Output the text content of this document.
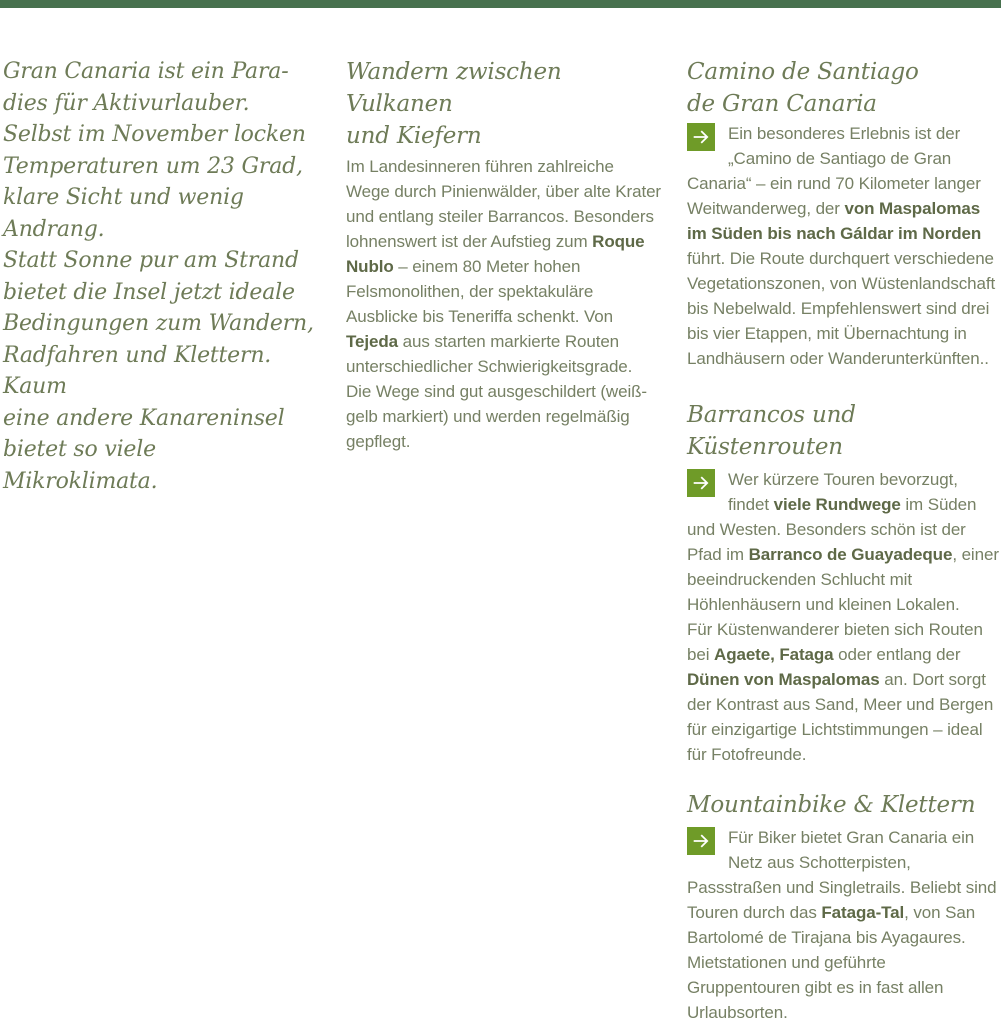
Gran Canaria ist ein Para-
dies für Aktivurlauber.
Selbst im November locken
Temperaturen um 23 Grad,
klare Sicht und wenig Andrang.
Statt Sonne pur am Strand
bietet die Insel jetzt ideale
Bedingungen zum Wandern,
Radfahren und Klettern. Kaum
eine andere Kanareninsel
bietet so viele Mikroklimata.
Wandern zwischen Vulkanen
und Kiefern

Im Landesinneren führen zahlreiche Wege durch Pinienwälder, über alte Krater und entlang steiler Barrancos. Besonders lohnenswert ist der Aufstieg zum Roque Nublo – einem 80 Meter hohen Felsmonolithen, der spektakuläre Ausblicke bis Teneriffa schenkt. Von Tejeda aus starten markierte Routen unterschiedlicher Schwierigkeitsgrade. Die Wege sind gut ausgeschildert (weiß-gelb markiert) und werden regelmäßig gepflegt.

Camino de Santiago
de Gran Canaria

Ein besonderes Erlebnis ist der „Camino de Santiago de Gran Canaria“ – ein rund 70 Kilometer langer Weitwanderweg, der von Maspalomas im Süden bis nach Gáldar im Norden führt. Die Route durchquert verschiedene Vegetationszonen, von Wüstenlandschaft bis Nebelwald. Empfehlenswert sind drei bis vier Etappen, mit Übernachtung in Landhäusern oder Wanderunterkünften..

Barrancos und Küstenrouten

Wer kürzere Touren bevorzugt, findet viele Rundwege im Süden und Westen. Besonders schön ist der Pfad im Barranco de Guayadeque, einer beeindruckenden Schlucht mit Höhlenhäusern und kleinen Lokalen.
Für Küstenwanderer bieten sich Routen bei Agaete, Fataga oder entlang der Dünen von Maspalomas an. Dort sorgt der Kontrast aus Sand, Meer und Bergen für einzigartige Lichtstimmungen – ideal für Fotofreunde.

Mountainbike & Klettern

Für Biker bietet Gran Canaria ein Netz aus Schotterpisten, Passstraßen und Singletrails. Beliebt sind Touren durch das Fataga-Tal, von San Bartolomé de Tirajana bis Ayagaures. Mietstationen und geführte Gruppentouren gibt es in fast allen Urlaubsorten.
